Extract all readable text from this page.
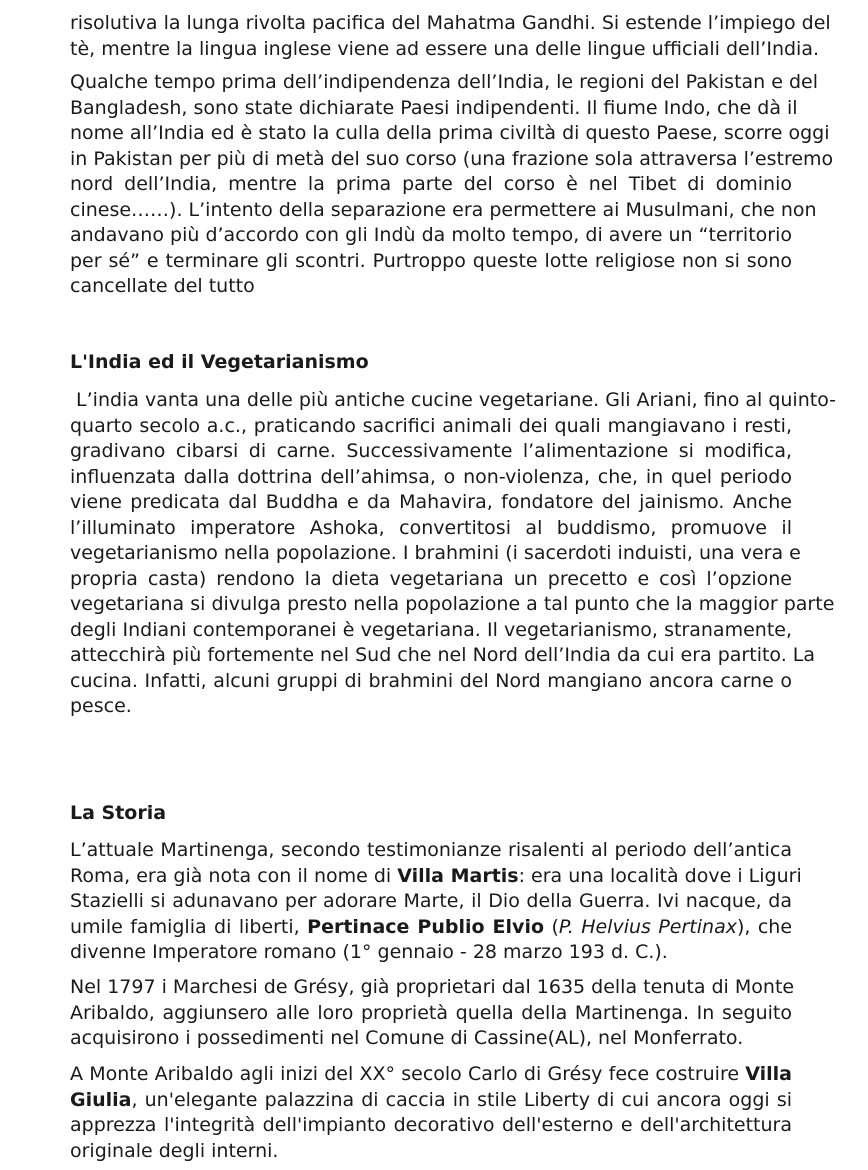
risolutiva la lunga rivolta pacifica del Mahatma Gandhi. Si estende l’impiego del
tè, mentre la lingua inglese viene ad essere una delle lingue ufficiali dell’India.
Qualche tempo prima dell’indipendenza dell’India, le regioni del Pakistan e del
Bangladesh, sono state dichiarate Paesi indipendenti. Il fiume Indo, che dà il
nome all’India ed è stato la culla della prima civiltà di questo Paese, scorre oggi
in Pakistan per più di metà del suo corso (una frazione sola attraversa l’estremo
nord dell’India, mentre la prima parte del corso è nel Tibet di dominio
cinese……). L’intento della separazione era permettere ai Musulmani, che non
andavano più d’accordo con gli Indù da molto tempo, di avere un “territorio
per sé” e terminare gli scontri. Purtroppo queste lotte religiose non si sono
cancellate del tutto
L'India ed il Vegetarianismo
L’india vanta una delle più antiche cucine vegetariane. Gli Ariani, fino al quinto-
quarto secolo a.c., praticando sacrifici animali dei quali mangiavano i resti,
gradivano cibarsi di carne. Successivamente l’alimentazione si modifica,
influenzata dalla dottrina dell’ahimsa, o non-violenza, che, in quel periodo
viene predicata dal Buddha e da Mahavira, fondatore del jainismo. Anche
l’illuminato imperatore Ashoka, convertitosi al buddismo, promuove il
vegetarianismo nella popolazione. I brahmini (i sacerdoti induisti, una vera e
propria casta) rendono la dieta vegetariana un precetto e così l’opzione
vegetariana si divulga presto nella popolazione a tal punto che la maggior parte
degli Indiani contemporanei è vegetariana. Il vegetarianismo, stranamente,
attecchirà più fortemente nel Sud che nel Nord dell’India da cui era partito. La
cucina. Infatti, alcuni gruppi di brahmini del Nord mangiano ancora carne o
pesce.
La Storia
L’attuale Martinenga, secondo testimonianze risalenti al periodo dell’antica
Roma, era già nota con il nome di Villa Martis: era una località dove i Liguri
Stazielli si adunavano per adorare Marte, il Dio della Guerra. Ivi nacque, da
umile famiglia di liberti, Pertinace Publio Elvio (P. Helvius Pertinax), che
divenne Imperatore romano (1° gennaio - 28 marzo 193 d. C.).
Nel 1797 i Marchesi de Grésy, già proprietari dal 1635 della tenuta di Monte
Aribaldo, aggiunsero alle loro proprietà quella della Martinenga. In seguito
acquisirono i possedimenti nel Comune di Cassine(AL), nel Monferrato.
A Monte Aribaldo agli inizi del XX° secolo Carlo di Grésy fece costruire Villa
Giulia, un'elegante palazzina di caccia in stile Liberty di cui ancora oggi si
apprezza l'integrità dell'impianto decorativo dell'esterno e dell'architettura
originale degli interni.
